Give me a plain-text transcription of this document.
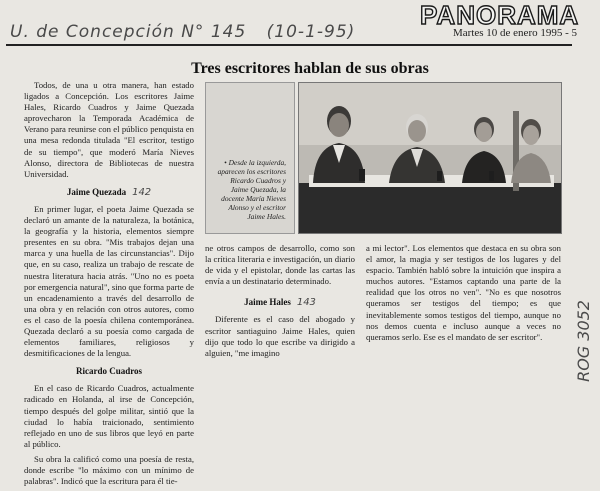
U. de Concepción N° 145 (10-1-95)
PANORAMA
Martes 10 de enero 1995 - 5
Tres escritores hablan de sus obras
• Desde la izquierda, aparecen los escritores Ricardo Cuadros y Jaime Quezada, la docente María Nieves Alonso y el escritor Jaime Hales.

Todos, de una u otra manera, han estado ligados a Concepción. Los escritores Jaime Hales, Ricardo Cuadros y Jaime Quezada aprovecharon la Temporada Académica de Verano para reunirse con el público penquista en una mesa redonda titulada "El escritor, testigo de su tiempo", que moderó María Nieves Alonso, directora de Bibliotecas de nuestra Universidad.

Jaime Quezada 142

En primer lugar, el poeta Jaime Quezada se declaró un amante de la naturaleza, la botánica, la geografía y la historia, elementos siempre presentes en su obra. "Mis trabajos dejan una marca y una huella de las circunstancias". Dijo que, en su caso, realiza un trabajo de rescate de nuestra literatura hacia atrás. "Uno no es poeta por emergencia natural", sino que forma parte de un encadenamiento a través del desarrollo de una obra y en relación con otros autores, como es el caso de la poesía chilena contemporánea. Quezada declaró a su poesía como cargada de elementos familiares, religiosos y desmitificaciones de la lengua.

Ricardo Cuadros

En el caso de Ricardo Cuadros, actualmente radicado en Holanda, al irse de Concepción, tiempo después del golpe militar, sintió que la ciudad lo había traicionado, sentimiento reflejado en uno de sus libros que leyó en parte al público.

Su obra la calificó como una poesía de resta, donde escribe "lo máximo con un mínimo de palabras". Indicó que la escritura para él tie-

ne otros campos de desarrollo, como son la crítica literaria e investigación, un diario de vida y el epistolar, donde las cartas las envía a un destinatario determinado.

Jaime Hales 143

Diferente es el caso del abogado y escritor santiaguino Jaime Hales, quien dijo que todo lo que escribe va dirigido a alguien, "me imagino

a mi lector". Los elementos que destaca en su obra son el amor, la magia y ser testigos de los lugares y del espacio. También habló sobre la intuición que inspira a muchos autores. "Estamos captando una parte de la realidad que los otros no ven". "No es que nosotros queramos ser testigos del tiempo; es que inevitablemente somos testigos del tiempo, aunque no nos demos cuenta e incluso aunque a veces no queramos serlo. Ese es el mandato de ser escritor".	ROG 3052
